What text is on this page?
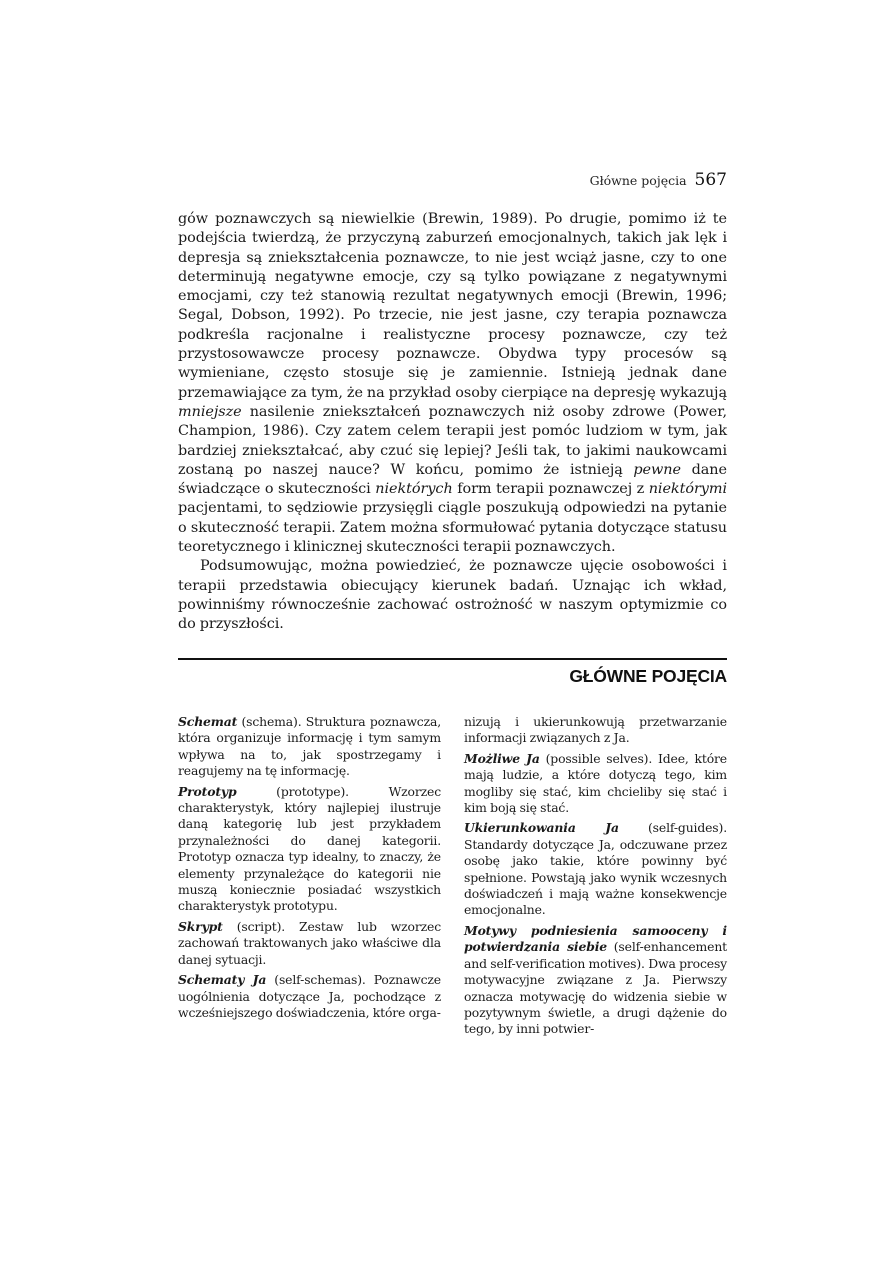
Główne pojęcia 567

gów poznawczych są niewielkie (Brewin, 1989). Po drugie, pomimo iż te podejścia twierdzą, że przyczyną zaburzeń emocjonalnych, takich jak lęk i depresja są zniekształcenia poznawcze, to nie jest wciąż jasne, czy to one determinują negatywne emocje, czy są tylko powiązane z negatywnymi emocjami, czy też stanowią rezultat negatywnych emocji (Brewin, 1996; Segal, Dobson, 1992). Po trzecie, nie jest jasne, czy terapia poznawcza podkreśla racjonalne i realistyczne procesy poznawcze, czy też przystosowawcze procesy poznawcze. Obydwa typy procesów są wymieniane, często stosuje się je zamiennie. Istnieją jednak dane przemawiające za tym, że na przykład osoby cierpiące na depresję wykazują mniejsze nasilenie zniekształceń poznawczych niż osoby zdrowe (Power, Champion, 1986). Czy zatem celem terapii jest pomóc ludziom w tym, jak bardziej zniekształcać, aby czuć się lepiej? Jeśli tak, to jakimi naukowcami zostaną po naszej nauce? W końcu, pomimo że istnieją pewne dane świadczące o skuteczności niektórych form terapii poznawczej z niektórymi pacjentami, to sędziowie przysięgli ciągle poszukują odpowiedzi na pytanie o skuteczność terapii. Zatem można sformułować pytania dotyczące statusu teoretycznego i klinicznej skuteczności terapii poznawczych.

Podsumowując, można powiedzieć, że poznawcze ujęcie osobowości i terapii przedstawia obiecujący kierunek badań. Uznając ich wkład, powinniśmy równocześnie zachować ostrożność w naszym optymizmie co do przyszłości.

GŁÓWNE POJĘCIA

Schemat (schema). Struktura poznawcza, która organizuje informację i tym samym wpływa na to, jak spostrzegamy i reagujemy na tę informację.

Prototyp (prototype). Wzorzec charakterystyk, który najlepiej ilustruje daną kategorię lub jest przykładem przynależności do danej kategorii. Prototyp oznacza typ idealny, to znaczy, że elementy przynależące do kategorii nie muszą koniecznie posiadać wszystkich charakterystyk prototypu.

Skrypt (script). Zestaw lub wzorzec zachowań traktowanych jako właściwe dla danej sytuacji.

Schematy Ja (self-schemas). Poznawcze uogólnienia dotyczące Ja, pochodzące z wcześniejszego doświadczenia, które orga-

nizują i ukierunkowują przetwarzanie informacji związanych z Ja.

Możliwe Ja (possible selves). Idee, które mają ludzie, a które dotyczą tego, kim mogliby się stać, kim chcieliby się stać i kim boją się stać.

Ukierunkowania Ja (self-guides). Standardy dotyczące Ja, odczuwane przez osobę jako takie, które powinny być spełnione. Powstają jako wynik wczesnych doświadczeń i mają ważne konsekwencje emocjonalne.

Motywy podniesienia samooceny i potwierdzania siebie (self-enhancement and self-verification motives). Dwa procesy motywacyjne związane z Ja. Pierwszy oznacza motywację do widzenia siebie w pozytywnym świetle, a drugi dążenie do tego, by inni potwier-
